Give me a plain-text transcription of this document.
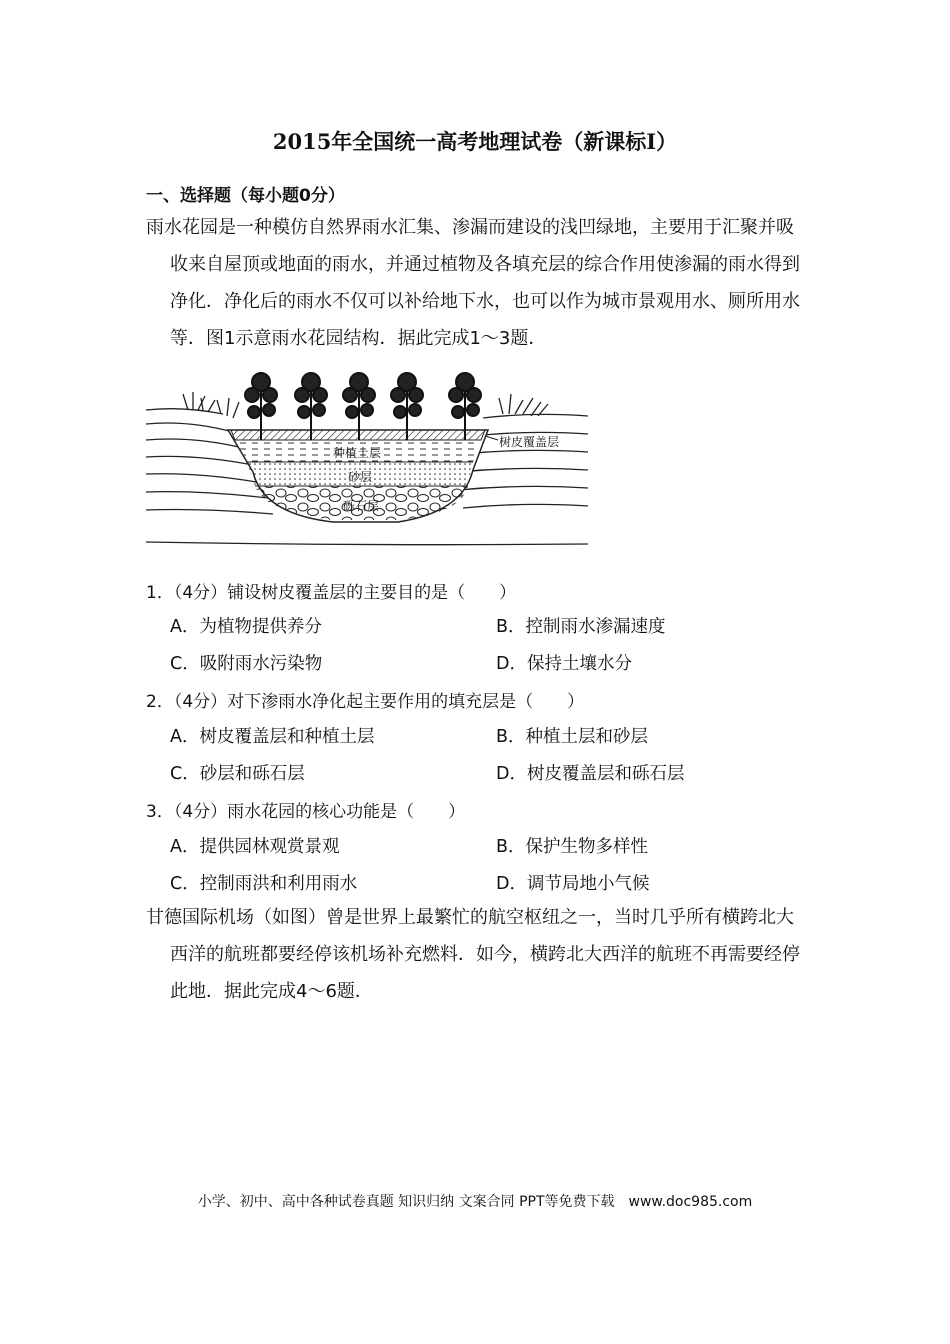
2015年全国统一高考地理试卷（新课标I）
一、选择题（每小题0分）
雨水花园是一种模仿自然界雨水汇集、渗漏而建设的浅凹绿地，主要用于汇聚并吸收来自屋顶或地面的雨水，并通过植物及各填充层的综合作用使渗漏的雨水得到净化．净化后的雨水不仅可以补给地下水，也可以作为城市景观用水、厕所用水等．图1示意雨水花园结构．据此完成1～3题．
树皮覆盖层
种植土层
砂层
砾石层
1．（4分）铺设树皮覆盖层的主要目的是（　　）
A．为植物提供养分	B．控制雨水渗漏速度
C．吸附雨水污染物	D．保持土壤水分
2．（4分）对下渗雨水净化起主要作用的填充层是（　　）
A．树皮覆盖层和种植土层	B．种植土层和砂层
C．砂层和砾石层	D．树皮覆盖层和砾石层
3．（4分）雨水花园的核心功能是（　　）
A．提供园林观赏景观	B．保护生物多样性
C．控制雨洪和利用雨水	D．调节局地小气候
甘德国际机场（如图）曾是世界上最繁忙的航空枢纽之一，当时几乎所有横跨北大西洋的航班都要经停该机场补充燃料．如今，横跨北大西洋的航班不再需要经停此地．据此完成4～6题．
小学、初中、高中各种试卷真题 知识归纳 文案合同 PPT等免费下载　www.doc985.com
